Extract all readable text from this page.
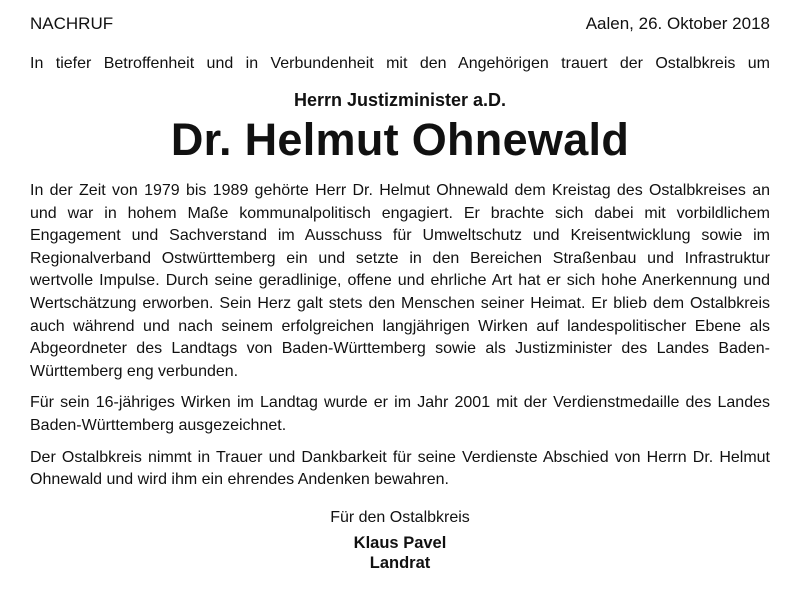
NACHRUF	Aalen, 26. Oktober 2018
In tiefer Betroffenheit und in Verbundenheit mit den Angehörigen trauert der Ostalbkreis um
Herrn Justizminister a.D.
Dr. Helmut Ohnewald
In der Zeit von 1979 bis 1989 gehörte Herr Dr. Helmut Ohnewald dem Kreistag des Ostalbkreises an und war in hohem Maße kommunalpolitisch engagiert. Er brachte sich dabei mit vorbildlichem Engagement und Sachverstand im Ausschuss für Umweltschutz und Kreisentwicklung sowie im Regionalverband Ostwürttemberg ein und setzte in den Bereichen Straßenbau und Infrastruktur wertvolle Impulse. Durch seine geradlinige, offene und ehrliche Art hat er sich hohe Anerkennung und Wertschätzung erworben. Sein Herz galt stets den Menschen seiner Heimat. Er blieb dem Ostalbkreis auch während und nach seinem erfolgreichen langjährigen Wirken auf landespolitischer Ebene als Abgeordneter des Landtags von Baden-Württemberg sowie als Justizminister des Landes Baden-Württemberg eng verbunden.
Für sein 16-jähriges Wirken im Landtag wurde er im Jahr 2001 mit der Verdienstmedaille des Landes Baden-Württemberg ausgezeichnet.
Der Ostalbkreis nimmt in Trauer und Dankbarkeit für seine Verdienste Abschied von Herrn Dr. Helmut Ohnewald und wird ihm ein ehrendes Andenken bewahren.
Für den Ostalbkreis
Klaus Pavel
Landrat
